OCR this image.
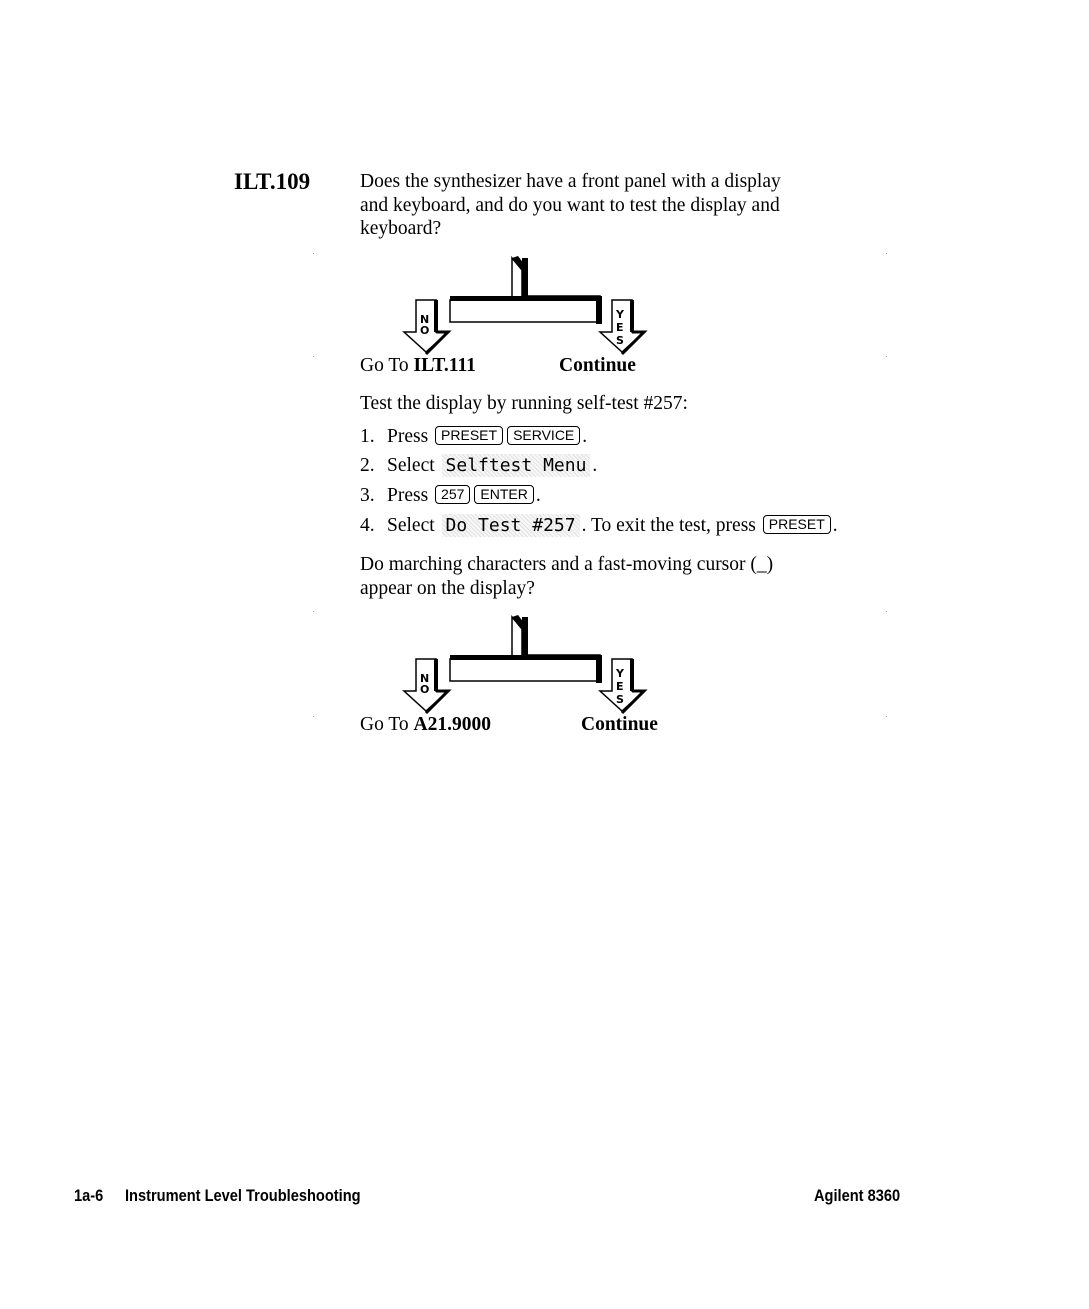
ILT.109	Does the synthesizer have a front panel with a display
and keyboard, and do you want to test the display and
keyboard?
N
O
Y
E
S
Go To ILT.111	Continue
Test the display by running self-test #257:
1. Press PRESET SERVICE .
2. Select Selftest Menu .
3. Press 257 ENTER .
4. Select Do Test #257 . To exit the test, press PRESET .
Do marching characters and a fast-moving cursor (_)
appear on the display?
N
O
Y
E
S
Go To A21.9000	Continue
1a-6 Instrument Level Troubleshooting	Agilent 8360
